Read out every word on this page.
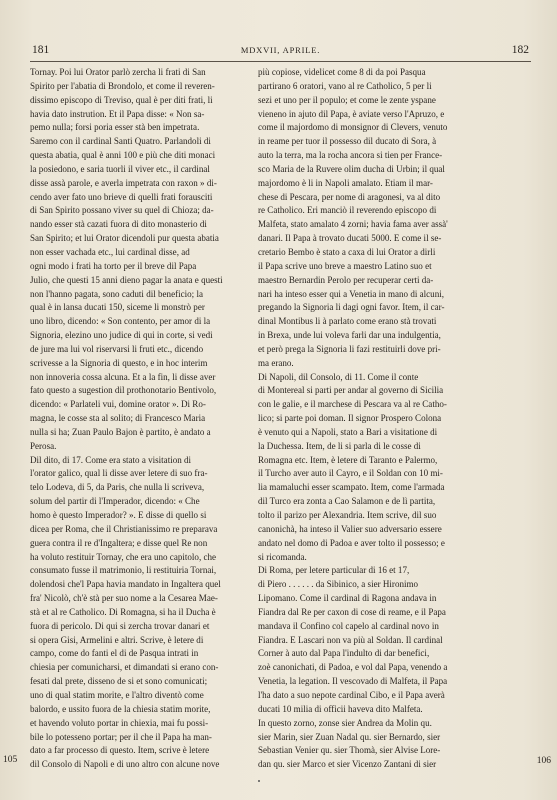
181	MDXVII, APRILE.	182
Tornay. Poi lui Orator parlò zercha li frati di San
Spirito per l'abatia di Brondolo, et come il reveren-
dissimo episcopo di Treviso, qual è per diti frati, li
havia dato instrution. Et il Papa disse: « Non sa-
pemo nulla; forsi poria esser stà ben impetrata.
Saremo con il cardinal Santi Quatro. Parlandoli di
questa abatia, qual è anni 100 e più che diti monaci
la posiedono, e saria tuorli il viver etc., il cardinal
disse assà parole, e averla impetrata con raxon » di-
cendo aver fato uno brieve di quelli frati forausciti
di San Spirito possano viver su quel di Chioza; da-
nando esser stà cazati fuora di dito monasterio di
San Spirito; et lui Orator dicendoli pur questa abatia
non esser vachada etc., lui cardinal disse, ad
ogni modo i frati ha torto per il breve dil Papa
Julio, che questi 15 anni dieno pagar la anata e questi
non l'hanno pagata, sono caduti dil beneficio; la
qual è in lansa ducati 150, siceme li monstrò per
uno libro, dicendo: « Son contento, per amor di la
Signoria, elezino uno judice di qui in corte, si vedi
de jure ma lui vol riservarsi li fruti etc., dicendo
scrivesse a la Signoria di questo, e in hoc interim
non innoveria cossa alcuna. Et a la fin, li disse aver
fato questo a sugestion dil prothonotario Bentivolo,
dicendo: « Parlateli vui, domine orator ». Di Ro-
magna, le cosse sta al solito; di Francesco Maria
nulla si ha; Zuan Paulo Bajon è partito, è andato a
Perosa.
Dil dito, di 17. Come era stato a visitation di
l'orator galico, qual li disse aver letere di suo fra-
telo Lodeva, di 5, da Paris, che nulla li scriveva,
solum del partir di l'Imperador, dicendo: « Che
homo è questo Imperador? ». E disse di quello si
dicea per Roma, che il Christianissimo re preparava
guera contra il re d'Ingaltera; e disse quel Re non
ha voluto restituir Tornay, che era uno capitolo, che
consumato fusse il matrimonio, li restituiria Tornai,
dolendosi che'l Papa havia mandato in Ingaltera quel
fra' Nicolò, ch'è stà per suo nome a la Cesarea Mae-
stà et al re Catholico. Di Romagna, si ha il Ducha è
fuora di pericolo. Di qui si zercha trovar danari et
si opera Gisi, Armelini e altri. Scrive, è letere di
campo, come do fanti el di de Pasqua intrati in
chiesia per comunicharsi, et dimandati si erano con-
fesati dal prete, disseno de si et sono comunicati;
uno di qual statim morite, e l'altro diventò come
balordo, e ussito fuora de la chiesia statim morite,
et havendo voluto portar in chiexia, mai fu possi-
bile lo potesseno portar; per il che il Papa ha man-
dato a far processo di questo. Item, scrive è letere
dil Consolo di Napoli e di uno altro con alcune nove
più copiose, videlicet come 8 di da poi Pasqua
partirano 6 oratori, vano al re Catholico, 5 per li
sezi et uno per il populo; et come le zente yspane
vieneno in ajuto dil Papa, è aviate verso l'Apruzo, e
come il majordomo di monsignor di Clevers, venuto
in reame per tuor il possesso dil ducato di Sora, à
auto la terra, ma la rocha ancora si tien per France-
sco Maria de la Ruvere olim ducha di Urbin; il qual
majordomo è li in Napoli amalato. Etiam il mar-
chese di Pescara, per nome di aragonesi, va al dito
re Catholico. Eri manciò il reverendo episcopo di
Malfeta, stato amalato 4 zorni; havia fama aver assà'
danari. Il Papa à trovato ducati 5000. E come il se-
cretario Bembo è stato a caxa di lui Orator a dirli
il Papa scrive uno breve a maestro Latino suo et
maestro Bernardin Perolo per recuperar certi da-
nari ha inteso esser qui a Venetia in mano di alcuni,
pregando la Signoria li dagi ogni favor. Item, il car-
dinal Montibus li à parlato come erano stà trovati
in Brexa, unde lui voleva farli dar una indulgentia,
et però prega la Signoria li fazi restituirli dove pri-
ma erano.
Di Napoli, dil Consolo, di 11. Come il conte
di Montereal si parti per andar al governo di Sicilia
con le galie, e il marchese di Pescara va al re Catho-
lico; si parte poi doman. Il signor Prospero Colona
è venuto qui a Napoli, stato a Bari a visitatione di
la Duchessa. Item, de li si parla di le cosse di
Romagna etc. Item, è letere di Taranto e Palermo,
il Turcho aver auto il Cayro, e il Soldan con 10 mi-
lia mamaluchi esser scampato. Item, come l'armada
dil Turco era zonta a Cao Salamon e de lì partita,
tolto il parizo per Alexandria. Item scrive, dil suo
canonichà, ha inteso il Valier suo adversario essere
andato nel domo di Padoa e aver tolto il possesso; e
si ricomanda.
Di Roma, per letere particular di 16 et 17,
di Piero . . . . . . da Sibinico, a sier Hironimo
Lipomano. Come il cardinal di Ragona andava in
Fiandra dal Re per caxon di cose di reame, e il Papa
mandava il Confino col capelo al cardinal novo in
Fiandra. E Lascari non va più al Soldan. Il cardinal
Corner à auto dal Papa l'indulto di dar benefici,
zoè canonichati, di Padoa, e vol dal Papa, venendo a
Venetia, la legation. Il vescovado di Malfeta, il Papa
l'ha dato a suo nepote cardinal Cibo, e il Papa averà
ducati 10 milia di officii haveva dito Malfeta.
In questo zorno, zonse sier Andrea da Molin qu.
sier Marin, sier Zuan Nadal qu. sier Bernardo, sier
Sebastian Venier qu. sier Thomà, sier Alvise Lore-
dan qu. sier Marco et sier Vicenzo Zantani di sier
105	106
